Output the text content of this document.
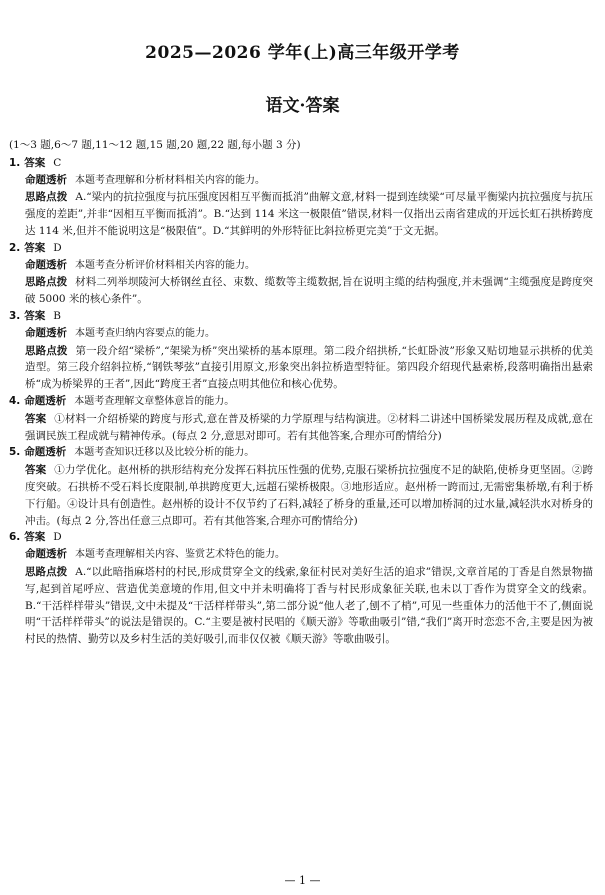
2025—2026 学年(上)高三年级开学考
语文·答案
(1～3 题,6～7 题,11～12 题,15 题,20 题,22 题,每小题 3 分)
1. 答案 C
命题透析 本题考查理解和分析材料相关内容的能力。
思路点拨 A.“梁内的抗拉强度与抗压强度因相互平衡而抵消”曲解文意,材料一提到连续梁“可尽量平衡梁内抗拉强度与抗压强度的差距”,并非“因相互平衡而抵消”。B.“达到 114 米这一极限值”错误,材料一仅指出云南省建成的开远长虹石拱桥跨度达 114 米,但并不能说明这是“极限值”。D.“其鲜明的外形特征比斜拉桥更完美”于文无据。
2. 答案 D
命题透析 本题考查分析评价材料相关内容的能力。
思路点拨 材料二列举坝陵河大桥钢丝直径、束数、缆数等主缆数据,旨在说明主缆的结构强度,并未强调“主缆强度是跨度突破 5000 米的核心条件”。
3. 答案 B
命题透析 本题考查归纳内容要点的能力。
思路点拨 第一段介绍“梁桥”,“架梁为桥”突出梁桥的基本原理。第二段介绍拱桥,“长虹卧波”形象又贴切地显示拱桥的优美造型。第三段介绍斜拉桥,“钢铁琴弦”直接引用原文,形象突出斜拉桥造型特征。第四段介绍现代悬索桥,段落明确指出悬索桥“成为桥梁界的王者”,因此“跨度王者”直接点明其他位和核心优势。
4. 命题透析 本题考查理解文章整体意旨的能力。
答案 ①材料一介绍桥梁的跨度与形式,意在普及桥梁的力学原理与结构演进。②材料二讲述中国桥梁发展历程及成就,意在强调民族工程成就与精神传承。(每点 2 分,意思对即可。若有其他答案,合理亦可酌情给分)
5. 命题透析 本题考查知识迁移以及比较分析的能力。
答案 ①力学优化。赵州桥的拱形结构充分发挥石料抗压性强的优势,克服石梁桥抗拉强度不足的缺陷,使桥身更坚固。②跨度突破。石拱桥不受石料长度限制,单拱跨度更大,远超石梁桥极限。③地形适应。赵州桥一跨而过,无需密集桥墩,有利于桥下行船。④设计具有创造性。赵州桥的设计不仅节约了石料,减轻了桥身的重量,还可以增加桥洞的过水量,减轻洪水对桥身的冲击。(每点 2 分,答出任意三点即可。若有其他答案,合理亦可酌情给分)
6. 答案 D
命题透析 本题考查理解相关内容、鉴赏艺术特色的能力。
思路点拨 A.“以此暗指麻塔村的村民,形成贯穿全文的线索,象征村民对美好生活的追求”错误,文章首尾的丁香是自然景物描写,起到首尾呼应、营造优美意境的作用,但文中并未明确将丁香与村民形成象征关联,也未以丁香作为贯穿全文的线索。B.“干活样样带头”错误,文中未提及“干活样样带头”,第二部分说“他人老了,刨不了梢”,可见一些重体力的活他干不了,侧面说明“干活样样带头”的说法是错误的。C.“主要是被村民唱的《顺天游》等歌曲吸引”错,“我们”离开时恋恋不舍,主要是因为被村民的热情、勤劳以及乡村生活的美好吸引,而非仅仅被《顺天游》等歌曲吸引。
— 1 —
